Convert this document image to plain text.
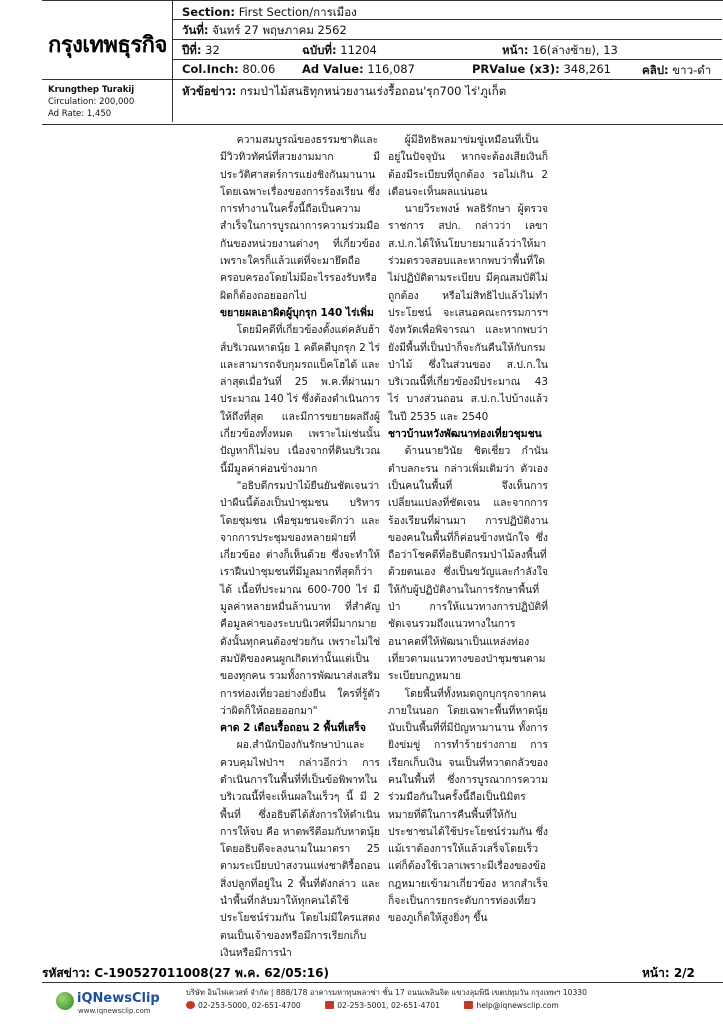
กรุงเทพธุรกิจ
Krungthep Turakij
Circulation: 200,000
Ad Rate: 1,450
Section: First Section/การเมือง
วันที่: จันทร์ 27 พฤษภาคม 2562
ปีที่: 32	ฉบับที่: 11204	หน้า: 16(ล่างซ้าย), 13
Col.Inch: 80.06 Ad Value: 116,087	PRValue (x3): 348,261	คลิป: ขาว-ดำ
หัวข้อข่าว: กรมป่าไม้สนธิทุกหน่วยงานเร่งรื้อถอน'รุก700 ไร่'ภูเก็ต

ความสมบูรณ์ของธรรมชาติและมีวิวทิวทัศน์ที่สวยงามมาก มีประวัติศาสตร์การแย่งชิงกันมานานโดยเฉพาะเรื่องของการร้องเรียน ซึ่งการทำงานในครั้งนี้ถือเป็นความสำเร็จในการบูรณาการความร่วมมือกันของหน่วยงานต่างๆ ที่เกี่ยวข้อง เพราะใครก็แล้วแต่ที่จะมายึดถือครอบครองโดยไม่มีอะไรรองรับหรือผิดก็ต้องถอยออกไป

ขยายผลเอาผิดผู้บุกรุก 140 ไร่เพิ่ม

โดยมีคดีที่เกี่ยวข้องตั้งแต่คลับฮ้าส์บริเวณหาดนุ้ย 1 คดีคดีบุกรุก 2 ไร่ และสามารถจับกุมรถแบ็คโฮได้ และล่าสุดเมื่อวันที่ 25 พ.ค.ที่ผ่านมาประมาณ 140 ไร่ ซึ่งต้องดำเนินการให้ถึงที่สุด และมีการขยายผลถึงผู้เกี่ยวข้องทั้งหมด เพราะไม่เช่นนั้นปัญหาก็ไม่จบ เนื่องจากที่ดินบริเวณนี้มีมูลค่าค่อนข้างมาก

"อธิบดีกรมป่าไม้ยืนยันชัดเจนว่าป่าผืนนี้ต้องเป็นป่าชุมชน บริหารโดยชุมชน เพื่อชุมชนจะดีกว่า และจากการประชุมของหลายฝ่ายที่เกี่ยวข้อง ต่างก็เห็นด้วย ซึ่งจะทำให้เราฝืนป่าชุมชนที่มีมูลมากที่สุดก็ว่าได้ เนื้อที่ประมาณ 600-700 ไร่ มีมูลค่าหลายหมื่นล้านบาท ที่สำคัญคือมูลค่าของระบบนิเวศที่มีมากมาย ดังนั้นทุกคนต้องช่วยกัน เพราะไม่ใช่สมบัติของคนผูกเกิดเท่านั้นแต่เป็นของทุกคน รวมทั้งการพัฒนาส่งเสริมการท่องเที่ยวอย่างยั่งยืน ใครที่รู้ตัวว่าผิดก็ให้ถอยออกมา"

คาด 2 เดือนรื้อถอน 2 พื้นที่เสร็จ

ผอ.สำนักป้องกันรักษาป่าและควบคุมไฟป่าฯ กล่าวอีกว่า การดำเนินการในพื้นที่ที่เป็นข้อพิพาทในบริเวณนี้ที่จะเห็นผลในเร็วๆ นี้ มี 2 พื้นที่ ซึ่งอธิบดีได้สั่งการให้ดำเนินการให้จบ คือ หาดพรีตีอมกับหาดนุ้ย โดยอธิบดีจะลงนามในมาตรา 25 ตามระเบียบป่าสงวนแห่งชาติรื้อถอนสิ่งปลูกที่อยู่ใน 2 พื้นที่ดังกล่าว และนำพื้นที่กลับมาให้ทุกคนได้ใช้ประโยชน์ร่วมกัน โดยไม่มีใครแสดงตนเป็นเจ้าของหรือมีการเรียกเก็บเงินหรือมีการนำ

ผู้มีอิทธิพลมาข่มขู่เหมือนที่เป็นอยู่ในปัจจุบัน หากจะต้องเสียเงินก็ต้องมีระเบียบที่ถูกต้อง รอไม่เกิน 2 เดือนจะเห็นผลแน่นอน

นายวีระพงษ์ พลธิรักษา ผู้ตรวจราชการ สปก. กล่าวว่า เลขา ส.ป.ก.ได้ให้นโยบายมาแล้วว่าให้มาร่วมตรวจสอบและหากพบว่าพื้นที่ใดไม่ปฏิบัติตามระเบียบ มีคุณสมบัติไม่ถูกต้อง หรือไม่สิทธิไปแล้วไม่ทำประโยชน์ จะเสนอคณะกรรมการฯ จังหวัดเพื่อพิจารณา และหากพบว่า ยังมีพื้นที่เป็นป่าก็จะกันคืนให้กับกรมป่าไม้ ซึ่งในส่วนของ ส.ป.ก.ในบริเวณนี้ที่เกี่ยวข้องมีประมาณ 43 ไร่ บางส่วนถอน ส.ป.ก.ไปบ้างแล้วในปี 2535 และ 2540

ชาวบ้านหวังพัฒนาท่องเที่ยวชุมชน

ด้านนายวินัย ชิดเชี่ยว กำนันตำบลกะรน กล่าวเพิ่มเติมว่า ตัวเองเป็นคนในพื้นที่ จึงเห็นการเปลี่ยนแปลงที่ชัดเจน และจากการร้องเรียนที่ผ่านมา การปฏิบัติงานของคนในพื้นที่ก็ค่อนข้างหนักใจ ซึ่งถือว่าโชคดีที่อธิบดีกรมป่าไม้ลงพื้นที่ด้วยตนเอง ซึ่งเป็นขวัญและกำลังใจให้กับผู้ปฏิบัติงานในการรักษาพื้นที่ป่า การให้แนวทางการปฏิบัติที่ชัดเจนรวมถึงแนวทางในการอนาคตที่ให้พัฒนาเป็นแหล่งท่องเที่ยวตามแนวทางของป่าชุมชนตามระเบียบกฎหมาย

โดยพื้นที่ทั้งหมดถูกบุกรุกจากคนภายในนอก โดยเฉพาะพื้นที่หาดนุ้ย นับเป็นพื้นที่ที่มีปัญหามานาน ทั้งการยิงข่มขู่ การทำร้ายร่างกาย การเรียกเก็บเงิน จนเป็นที่หวาดกลัวของคนในพื้นที่ ซึ่งการบูรณาการความร่วมมือกันในครั้งนี้ถือเป็นนิมิตรหมายที่ดีในการคืนพื้นที่ให้กับประชาชนได้ใช้ประโยชน์ร่วมกัน ซึ่งแม้เราต้องการให้แล้วเสร็จโดยเร็วแต่ก็ต้องใช้เวลาเพราะมีเรื่องของข้อกฎหมายเข้ามาเกี่ยวข้อง หากสำเร็จก็จะเป็นการยกระดับการท่องเที่ยวของภูเก็ตให้สูงยิ่งๆ ขึ้น

รหัสข่าว: C-190527011008(27 พ.ค. 62/05:16)	หน้า: 2/2
iQNewsClip
www.iqnewsclip.com
บริษัท อินไฟเควสท์ จำกัด | 888/178 อาคารมหาทุนพลาซ่า ชั้น 17 ถนนเพลินจิต แขวงลุมพินี เขตปทุมวัน กรุงเทพฯ 10330
02-253-5000, 02-651-4700	02-253-5001, 02-651-4701	help@iqnewsclip.com
